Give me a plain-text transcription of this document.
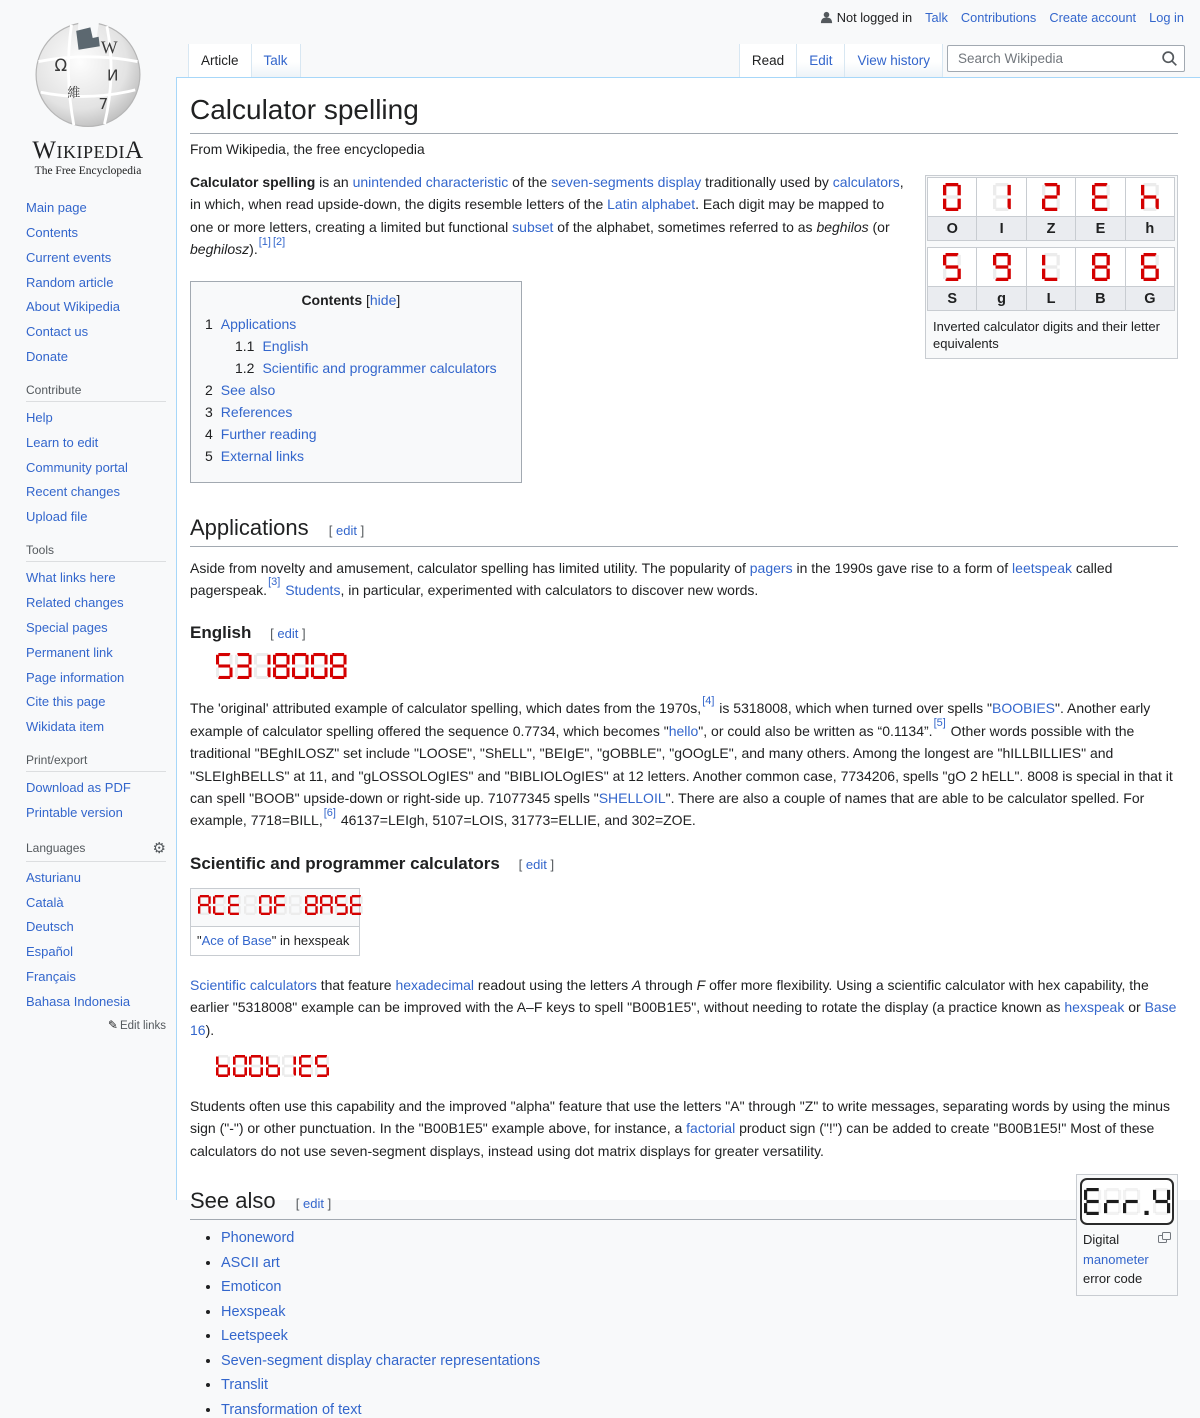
W
Ω
И
維
7
WikipediA
The Free Encyclopedia
Main page
Contents
Current events
Random article
About Wikipedia
Contact us
Donate
Contribute
Help
Learn to edit
Community portal
Recent changes
Upload file
Tools
What links here
Related changes
Special pages
Permanent link
Page information
Cite this page
Wikidata item
Print/export
Download as PDF
Printable version
Languages	⚙
Asturianu
Català
Deutsch
Español
Français
Bahasa Indonesia
✎ Edit links
Not logged in Talk Contributions Create account Log in
Article Talk	Read Edit View history
Search Wikipedia
Calculator spelling
From Wikipedia, the free encyclopedia
O	I	Z	E	h
S	g	L	B	G
Inverted calculator digits and their letter equivalents

Calculator spelling is an unintended characteristic of the seven-segments display traditionally used by calculators, in which, when read upside-down, the digits resemble letters of the Latin alphabet. Each digit may be mapped to one or more letters, creating a limited but functional subset of the alphabet, sometimes referred to as beghilos (or beghilosz).[1] [2]

Contents [hide]
1 Applications
1.1 English
1.2 Scientific and programmer calculators
2 See also
3 References
4 Further reading
5 External links
Applications [ edit ]

Aside from novelty and amusement, calculator spelling has limited utility. The popularity of pagers in the 1990s gave rise to a form of leetspeak called pagerspeak.[3] Students, in particular, experimented with calculators to discover new words.

English [ edit ]

The 'original' attributed example of calculator spelling, which dates from the 1970s,[4] is 5318008, which when turned over spells "BOOBIES". Another early example of calculator spelling offered the sequence 0.7734, which becomes "hello", or could also be written as “0.1134”.[5] Other words possible with the traditional "BEghILOSZ" set include "LOOSE", "ShELL", "BEIgE", "gOBBLE", "gOOgLE", and many others. Among the longest are "hILLBILLIES" and "SLEIghBELLS" at 11, and "gLOSSOLOgIES" and "BIBLIOLOgIES" at 12 letters. Another common case, 7734206, spells "gO 2 hELL". 8008 is special in that it can spell "BOOB" upside-down or right-side up. 71077345 spells "SHELLOIL". There are also a couple of names that are able to be calculator spelled. For example, 7718=BILL,[6] 46137=LEIgh, 5107=LOIS, 31773=ELLIE, and 302=ZOE.

Scientific and programmer calculators [ edit ]
"Ace of Base" in hexspeak

Scientific calculators that feature hexadecimal readout using the letters A through F offer more flexibility. Using a scientific calculator with hex capability, the earlier "5318008" example can be improved with the A–F keys to spell "B00B1E5", without needing to rotate the display (a practice known as hexspeak or Base 16).

Students often use this capability and the improved "alpha" feature that use the letters "A" through "Z" to write messages, separating words by using the minus sign ("-") or other punctuation. In the "B00B1E5" example above, for instance, a factorial product sign ("!") can be added to create "B00B1E5!" Most of these calculators do not use seven-segment displays, instead using dot matrix displays for greater versatility.

Digital manometer error code
See also [ edit ]
• Phoneword
• ASCII art
• Emoticon
• Hexspeak
• Leetspeek
• Seven-segment display character representations
• Translit
• Transformation of text
